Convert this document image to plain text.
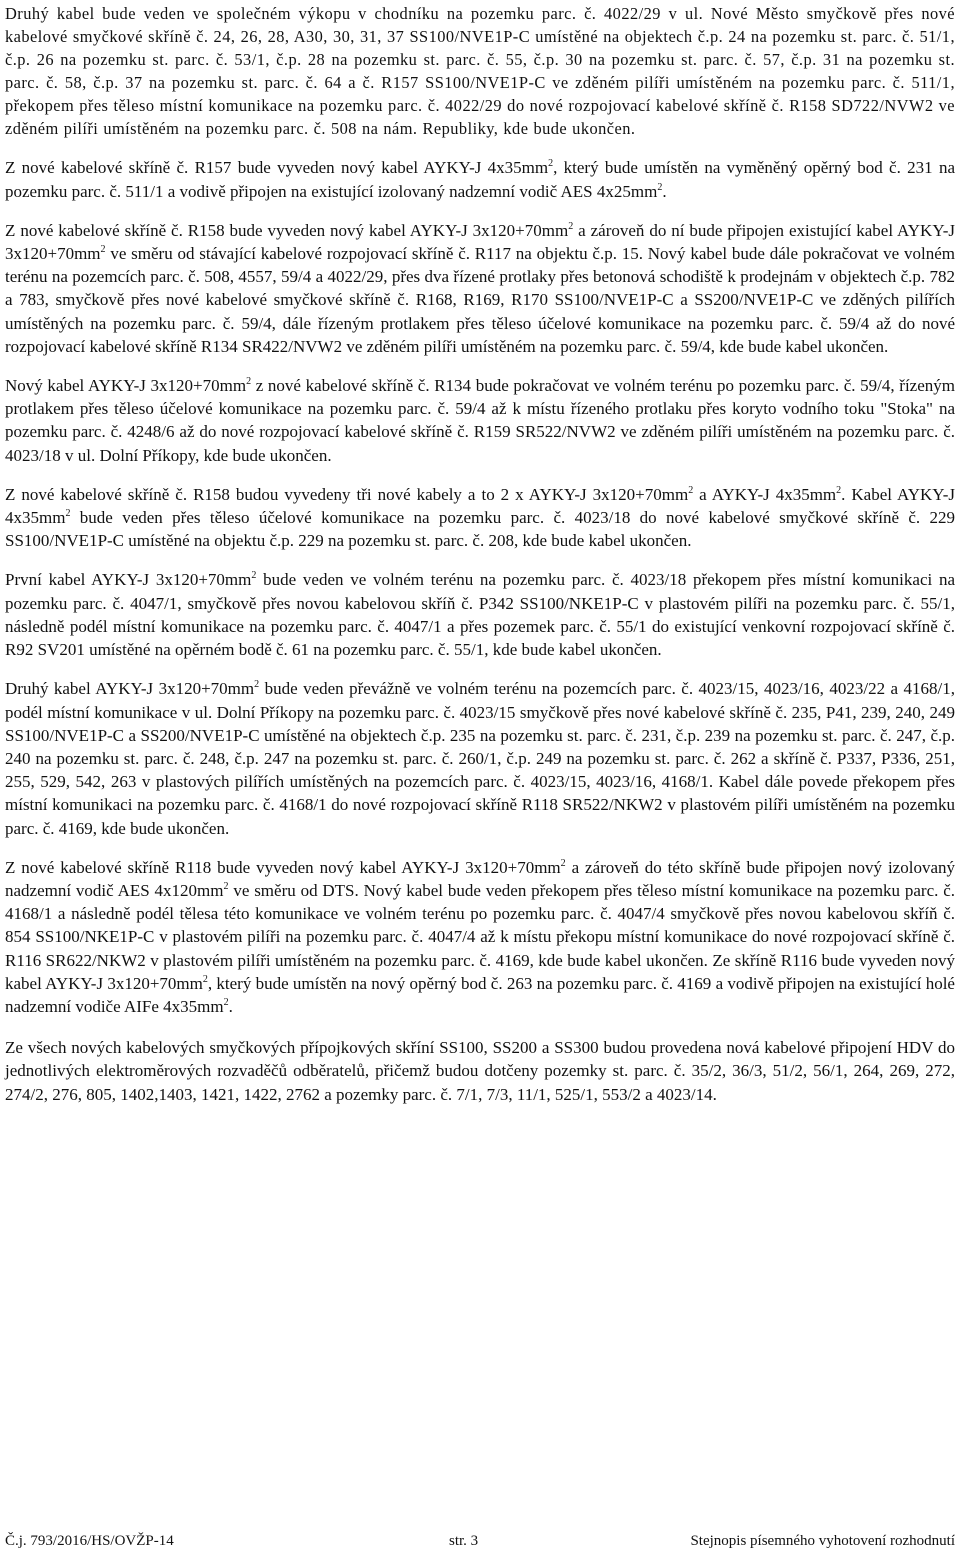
Druhý kabel bude veden ve společném výkopu v chodníku na pozemku parc. č. 4022/29 v ul. Nové Město smyčkově přes nové kabelové smyčkové skříně č. 24, 26, 28, A30, 30, 31, 37 SS100/NVE1P-C umístěné na objektech č.p. 24 na pozemku st. parc. č. 51/1, č.p. 26 na pozemku st. parc. č. 53/1, č.p. 28 na pozemku st. parc. č. 55, č.p. 30 na pozemku st. parc. č. 57, č.p. 31 na pozemku st. parc. č. 58, č.p. 37 na pozemku st. parc. č. 64 a č. R157 SS100/NVE1P-C ve zděném pilíři umístěném na pozemku parc. č. 511/1, překopem přes těleso místní komunikace na pozemku parc. č. 4022/29 do nové rozpojovací kabelové skříně č. R158 SD722/NVW2 ve zděném pilíři umístěném na pozemku parc. č. 508 na nám. Republiky, kde bude ukončen.

Z nové kabelové skříně č. R157 bude vyveden nový kabel AYKY-J $4x35mm^2$, který bude umístěn na vyměněný opěrný bod č. 231 na pozemku parc. č. 511/1 a vodivě připojen na existující izolovaný nadzemní vodič AES $4x25mm^2$.

Z nové kabelové skříně č. R158 bude vyveden nový kabel AYKY-J $3x120+70mm^2$ a zároveň do ní bude připojen existující kabel AYKY-J $3x120+70mm^2$ ve směru od stávající kabelové rozpojovací skříně č. R117 na objektu č.p. 15. Nový kabel bude dále pokračovat ve volném terénu na pozemcích parc. č. 508, 4557, 59/4 a 4022/29, přes dva řízené protlaky přes betonová schodiště k prodejnám v objektech č.p. 782 a 783, smyčkově přes nové kabelové smyčkové skříně č. R168, R169, R170 SS100/NVE1P-C a SS200/NVE1P-C ve zděných pilířích umístěných na pozemku parc. č. 59/4, dále řízeným protlakem přes těleso účelové komunikace na pozemku parc. č. 59/4 až do nové rozpojovací kabelové skříně R134 SR422/NVW2 ve zděném pilíři umístěném na pozemku parc. č. 59/4, kde bude kabel ukončen.

Nový kabel AYKY-J $3x120+70mm^2$ z nové kabelové skříně č. R134 bude pokračovat ve volném terénu po pozemku parc. č. 59/4, řízeným protlakem přes těleso účelové komunikace na pozemku parc. č. 59/4 až k místu řízeného protlaku přes koryto vodního toku "Stoka" na pozemku parc. č. 4248/6 až do nové rozpojovací kabelové skříně č. R159 SR522/NVW2 ve zděném pilíři umístěném na pozemku parc. č. 4023/18 v ul. Dolní Příkopy, kde bude ukončen.

Z nové kabelové skříně č. R158 budou vyvedeny tři nové kabely a to 2 x AYKY-J $3x120+70mm^2$ a AYKY-J $4x35mm^2$. Kabel AYKY-J $4x35mm^2$ bude veden přes těleso účelové komunikace na pozemku parc. č. 4023/18 do nové kabelové smyčkové skříně č. 229 SS100/NVE1P-C umístěné na objektu č.p. 229 na pozemku st. parc. č. 208, kde bude kabel ukončen.

První kabel AYKY-J $3x120+70mm^2$ bude veden ve volném terénu na pozemku parc. č. 4023/18 překopem přes místní komunikaci na pozemku parc. č. 4047/1, smyčkově přes novou kabelovou skříň č. P342 SS100/NKE1P-C v plastovém pilíři na pozemku parc. č. 55/1, následně podél místní komunikace na pozemku parc. č. 4047/1 a přes pozemek parc. č. 55/1 do existující venkovní rozpojovací skříně č. R92 SV201 umístěné na opěrném bodě č. 61 na pozemku parc. č. 55/1, kde bude kabel ukončen.

Druhý kabel AYKY-J $3x120+70mm^2$ bude veden převážně ve volném terénu na pozemcích parc. č. 4023/15, 4023/16, 4023/22 a 4168/1, podél místní komunikace v ul. Dolní Příkopy na pozemku parc. č. 4023/15 smyčkově přes nové kabelové skříně č. 235, P41, 239, 240, 249 SS100/NVE1P-C a SS200/NVE1P-C umístěné na objektech č.p. 235 na pozemku st. parc. č. 231, č.p. 239 na pozemku st. parc. č. 247, č.p. 240 na pozemku st. parc. č. 248, č.p. 247 na pozemku st. parc. č. 260/1, č.p. 249 na pozemku st. parc. č. 262 a skříně č. P337, P336, 251, 255, 529, 542, 263 v plastových pilířích umístěných na pozemcích parc. č. 4023/15, 4023/16, 4168/1. Kabel dále povede překopem přes místní komunikaci na pozemku parc. č. 4168/1 do nové rozpojovací skříně R118 SR522/NKW2 v plastovém pilíři umístěném na pozemku parc. č. 4169, kde bude ukončen.

Z nové kabelové skříně R118 bude vyveden nový kabel AYKY-J $3x120+70mm^2$ a zároveň do této skříně bude připojen nový izolovaný nadzemní vodič AES $4x120mm^2$ ve směru od DTS. Nový kabel bude veden překopem přes těleso místní komunikace na pozemku parc. č. 4168/1 a následně podél tělesa této komunikace ve volném terénu po pozemku parc. č. 4047/4 smyčkově přes novou kabelovou skříň č. 854 SS100/NKE1P-C v plastovém pilíři na pozemku parc. č. 4047/4 až k místu překopu místní komunikace do nové rozpojovací skříně č. R116 SR622/NKW2 v plastovém pilíři umístěném na pozemku parc. č. 4169, kde bude kabel ukončen. Ze skříně R116 bude vyveden nový kabel AYKY-J $3x120+70mm^2$, který bude umístěn na nový opěrný bod č. 263 na pozemku parc. č. 4169 a vodivě připojen na existující holé nadzemní vodiče AIFe $4x35mm^2$.

Ze všech nových kabelových smyčkových přípojkových skříní SS100, SS200 a SS300 budou provedena nová kabelové připojení HDV do jednotlivých elektroměrových rozvaděčů odběratelů, přičemž budou dotčeny pozemky st. parc. č. 35/2, 36/3, 51/2, 56/1, 264, 269, 272, 274/2, 276, 805, 1402,1403, 1421, 1422, 2762 a pozemky parc. č. 7/1, 7/3, 11/1, 525/1, 553/2 a 4023/14.

Č.j. 793/2016/HS/OVŽP-14	str. 3	Stejnopis písemného vyhotovení rozhodnutí
